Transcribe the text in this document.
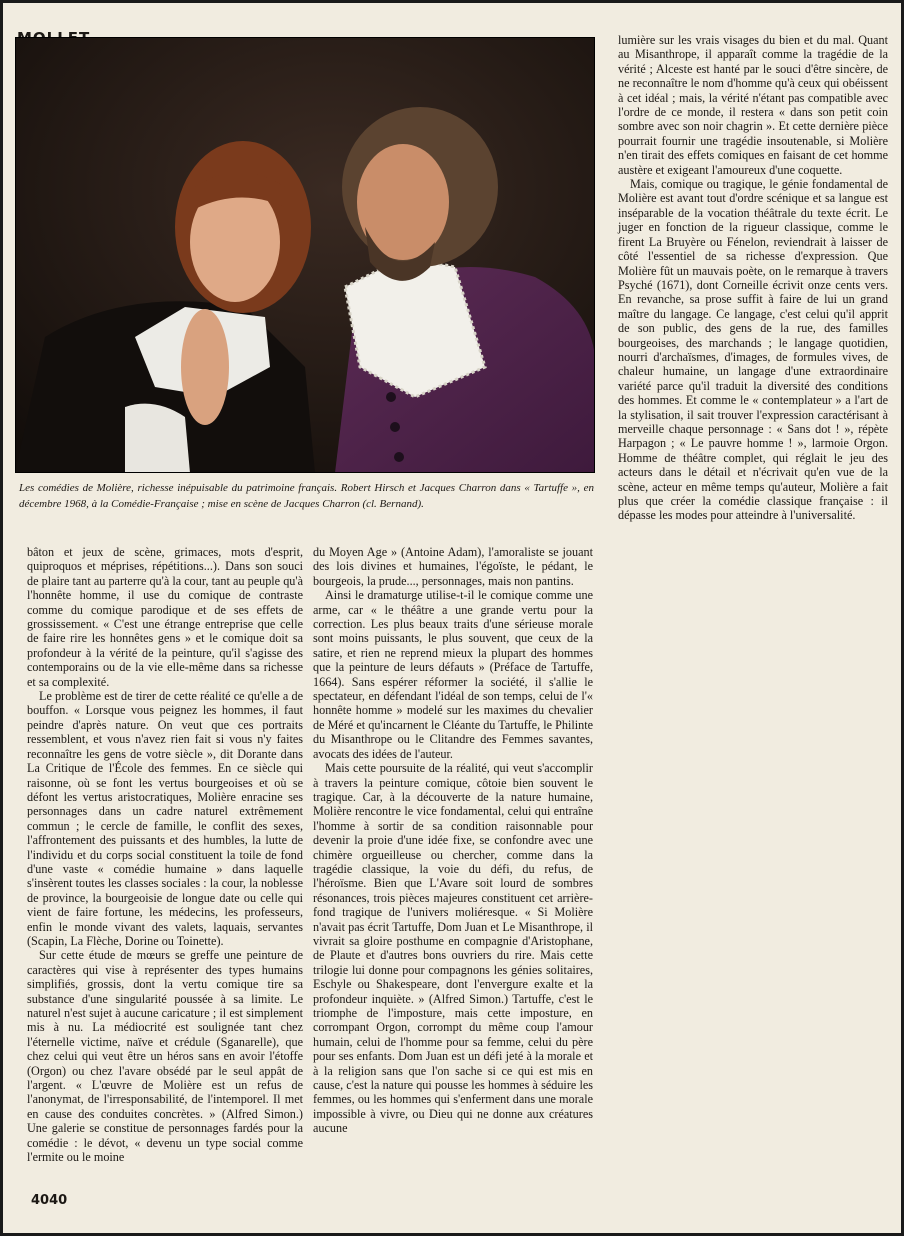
Les comédies de Molière, richesse inépuisable du patrimoine français. Robert Hirsch et Jacques Charron dans « Tartuffe », en décembre 1968, à la Comédie-Française ; mise en scène de Jacques Charron (cl. Bernand).

bâton et jeux de scène, grimaces, mots d'esprit, quiproquos et méprises, répétitions...). Dans son souci de plaire tant au parterre qu'à la cour, tant au peuple qu'à l'honnête homme, il use du comique de contraste comme du comique parodique et de ses effets de grossissement. « C'est une étrange entreprise que celle de faire rire les honnêtes gens » et le comique doit sa profondeur à la vérité de la peinture, qu'il s'agisse des contemporains ou de la vie elle-même dans sa richesse et sa complexité.

Le problème est de tirer de cette réalité ce qu'elle a de bouffon. « Lorsque vous peignez les hommes, il faut peindre d'après nature. On veut que ces portraits ressemblent, et vous n'avez rien fait si vous n'y faites reconnaître les gens de votre siècle », dit Dorante dans La Critique de l'École des femmes. En ce siècle qui raisonne, où se font les vertus bourgeoises et où se défont les vertus aristocratiques, Molière enracine ses personnages dans un cadre naturel extrêmement commun ; le cercle de famille, le conflit des sexes, l'affrontement des puissants et des humbles, la lutte de l'individu et du corps social constituent la toile de fond d'une vaste « comédie humaine » dans laquelle s'insèrent toutes les classes sociales : la cour, la noblesse de province, la bourgeoisie de longue date ou celle qui vient de faire fortune, les médecins, les professeurs, enfin le monde vivant des valets, laquais, servantes (Scapin, La Flèche, Dorine ou Toinette).

Sur cette étude de mœurs se greffe une peinture de caractères qui vise à représenter des types humains simplifiés, grossis, dont la vertu comique tire sa substance d'une singularité poussée à sa limite. Le naturel n'est sujet à aucune caricature ; il est simplement mis à nu. La médiocrité est soulignée tant chez l'éternelle victime, naïve et crédule (Sganarelle), que chez celui qui veut être un héros sans en avoir l'étoffe (Orgon) ou chez l'avare obsédé par le seul appât de l'argent. « L'œuvre de Molière est un refus de l'anonymat, de l'irresponsabilité, de l'intemporel. Il met en cause des conduites concrètes. » (Alfred Simon.) Une galerie se constitue de personnages fardés pour la comédie : le dévot, « devenu un type social comme l'ermite ou le moine

du Moyen Age » (Antoine Adam), l'amoraliste se jouant des lois divines et humaines, l'égoïste, le pédant, le bourgeois, la prude..., personnages, mais non pantins.

Ainsi le dramaturge utilise-t-il le comique comme une arme, car « le théâtre a une grande vertu pour la correction. Les plus beaux traits d'une sérieuse morale sont moins puissants, le plus souvent, que ceux de la satire, et rien ne reprend mieux la plupart des hommes que la peinture de leurs défauts » (Préface de Tartuffe, 1664). Sans espérer réformer la société, il s'allie le spectateur, en défendant l'idéal de son temps, celui de l'« honnête homme » modelé sur les maximes du chevalier de Méré et qu'incarnent le Cléante du Tartuffe, le Philinte du Misanthrope ou le Clitandre des Femmes savantes, avocats des idées de l'auteur.

Mais cette poursuite de la réalité, qui veut s'accomplir à travers la peinture comique, côtoie bien souvent le tragique. Car, à la découverte de la nature humaine, Molière rencontre le vice fondamental, celui qui entraîne l'homme à sortir de sa condition raisonnable pour devenir la proie d'une idée fixe, se confondre avec une chimère orgueilleuse ou chercher, comme dans la tragédie classique, la voie du défi, du refus, de l'héroïsme. Bien que L'Avare soit lourd de sombres résonances, trois pièces majeures constituent cet arrière-fond tragique de l'univers moliéresque. « Si Molière n'avait pas écrit Tartuffe, Dom Juan et Le Misanthrope, il vivrait sa gloire posthume en compagnie d'Aristophane, de Plaute et d'autres bons ouvriers du rire. Mais cette trilogie lui donne pour compagnons les génies solitaires, Eschyle ou Shakespeare, dont l'envergure exalte et la profondeur inquiète. » (Alfred Simon.) Tartuffe, c'est le triomphe de l'imposture, mais cette imposture, en corrompant Orgon, corrompt du même coup l'amour humain, celui de l'homme pour sa femme, celui du père pour ses enfants. Dom Juan est un défi jeté à la morale et à la religion sans que l'on sache si ce qui est mis en cause, c'est la nature qui pousse les hommes à séduire les femmes, ou les hommes qui s'enferment dans une morale impossible à vivre, ou Dieu qui ne donne aux créatures aucune

lumière sur les vrais visages du bien et du mal. Quant au Misanthrope, il apparaît comme la tragédie de la vérité ; Alceste est hanté par le souci d'être sincère, de ne reconnaître le nom d'homme qu'à ceux qui obéissent à cet idéal ; mais, la vérité n'étant pas compatible avec l'ordre de ce monde, il restera « dans son petit coin sombre avec son noir chagrin ». Et cette dernière pièce pourrait fournir une tragédie insoutenable, si Molière n'en tirait des effets comiques en faisant de cet homme austère et exigeant l'amoureux d'une coquette.

Mais, comique ou tragique, le génie fondamental de Molière est avant tout d'ordre scénique et sa langue est inséparable de la vocation théâtrale du texte écrit. Le juger en fonction de la rigueur classique, comme le firent La Bruyère ou Fénelon, reviendrait à laisser de côté l'essentiel de sa richesse d'expression. Que Molière fût un mauvais poète, on le remarque à travers Psyché (1671), dont Corneille écrivit onze cents vers. En revanche, sa prose suffit à faire de lui un grand maître du langage. Ce langage, c'est celui qu'il apprit de son public, des gens de la rue, des familles bourgeoises, des marchands ; le langage quotidien, nourri d'archaïsmes, d'images, de formules vives, de chaleur humaine, un langage d'une extraordinaire variété parce qu'il traduit la diversité des conditions des hommes. Et comme le « contemplateur » a l'art de la stylisation, il sait trouver l'expression caractérisant à merveille chaque personnage : « Sans dot ! », répète Harpagon ; « Le pauvre homme ! », larmoie Orgon. Homme de théâtre complet, qui réglait le jeu des acteurs dans le détail et n'écrivait qu'en vue de la scène, acteur en même temps qu'auteur, Molière a fait plus que créer la comédie classique française : il dépasse les modes pour atteindre à l'universalité.

4040
